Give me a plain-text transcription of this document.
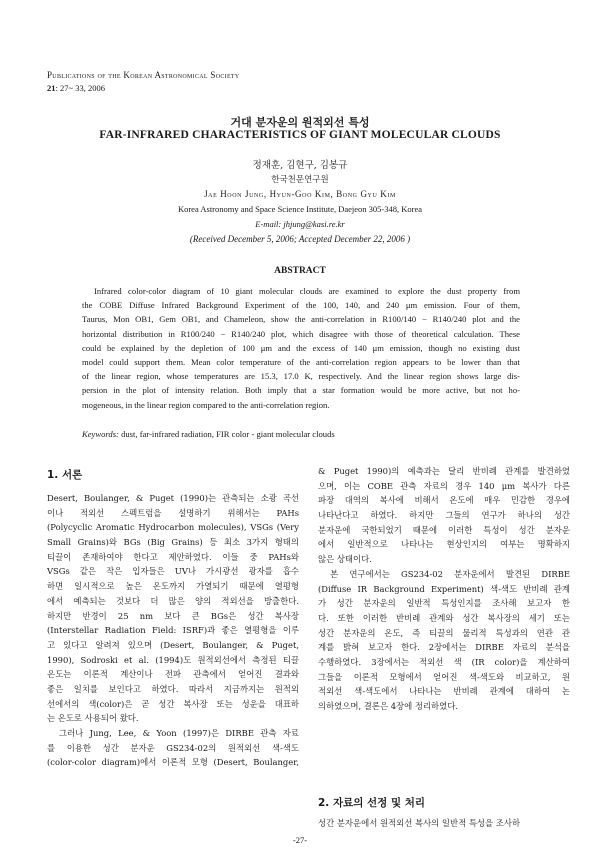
Publications of the Korean Astronomical Society
21: 27~ 33, 2006
거대 분자운의 원적외선 특성
FAR-INFRARED CHARACTERISTICS OF GIANT MOLECULAR CLOUDS
정재훈, 김현구, 김봉규
한국천문연구원
Jae Hoon Jung, Hyun-Goo Kim, Bong Gyu Kim
Korea Astronomy and Space Science Institute, Daejeon 305-348, Korea
E-mail: jhjung@kasi.re.kr
(Received December 5, 2006; Accepted December 22, 2006 )
ABSTRACT
Infrared color-color diagram of 10 giant molecular clouds are examined to explore the dust property from
the COBE Diffuse Infrared Background Experiment of the 100, 140, and 240 μm emission. Four of them,
Taurus, Mon OB1, Gem OB1, and Chameleon, show the anti-correlation in R100/140 − R140/240 plot and the
horizontal distribution in R100/240 − R140/240 plot, which disagree with those of theoretical calculation. These
could be explained by the depletion of 100 μm and the excess of 140 μm emission, though no existing dust
model could support them. Mean color temperature of the anti-correlation region appears to be lower than that
of the linear region, whose temperatures are 15.3, 17.0 K, respectively. And the linear region shows large dis-
persion in the plot of intensity relation. Both imply that a star formation would be more active, but not ho-
mogeneous, in the linear region compared to the anti-correlation region.
Keywords: dust, far-infrared radiation, FIR color - giant molecular clouds
1. 서론
Desert, Boulanger, & Puget (1990)는 관측되는 소광 곡선
이나 적외선 스펙트럼을 설명하기 위해서는 PAHs
(Polycyclic Aromatic Hydrocarbon molecules), VSGs (Very
Small Grains)와 BGs (Big Grains) 등 최소 3가지 형태의
티끌이 존재하여야 한다고 제안하였다. 이들 중 PAHs와
VSGs 같은 작은 입자들은 UV나 가시광선 광자를 흡수
하면 일시적으로 높은 온도까지 가열되기 때문에 열평형
에서 예측되는 것보다 더 많은 양의 적외선을 방출한다.
하지만 반경이 25 nm 보다 큰 BGs은 성간 복사장
(Interstellar Radiation Field: ISRF)과 좋은 열평형을 이루
고 있다고 알려져 있으며 (Desert, Boulanger, & Puget,
1990), Sodroski et al. (1994)도 원적외선에서 측정된 티끌
온도는 이론적 계산이나 전파 관측에서 얻어진 결과와
좋은 일치를 보인다고 하였다. 따라서 지금까지는 원적외
선에서의 색(color)은 곧 성간 복사장 또는 성운을 대표하
는 온도로 사용되어 왔다.
그러나 Jung, Lee, & Yoon (1997)은 DIRBE 관측 자료
를 이용한 성간 분자운 GS234-02의 원적외선 색-색도
(color-color diagram)에서 이론적 모형 (Desert, Boulanger,
& Puget 1990)의 예측과는 달리 반비례 관계를 발견하였
으며, 이는 COBE 관측 자료의 경우 140 μm 복사가 다른
파장 대역의 복사에 비해서 온도에 매우 민감한 경우에
나타난다고 하였다. 하지만 그들의 연구가 하나의 성간
분자운에 국한되었기 때문에 이러한 특성이 성간 분자운
에서 일반적으로 나타나는 현상인지의 여부는 명확하지
않은 상태이다.
본 연구에서는 GS234-02 분자운에서 발견된 DIRBE
(Diffuse IR Background Experiment) 색-색도 반비례 관계
가 성간 분자운의 일반적 특성인지를 조사해 보고자 한
다. 또한 이러한 반비례 관계와 성간 복사장의 세기 또는
성간 분자운의 온도, 즉 티끌의 물리적 특성과의 연관 관
계를 밝혀 보고자 한다. 2장에서는 DIRBE 자료의 분석을
수행하였다. 3장에서는 적외선 색 (IR color)을 계산하여
그들을 이론적 모형에서 얻어진 색-색도와 비교하고, 원
적외선 색-색도에서 나타나는 반비례 관계에 대하여 논
의하였으며, 결론은 4장에 정리하였다.
2. 자료의 선정 및 처리
성간 분자운에서 원적외선 복사의 일반적 특성을 조사하
-27-
